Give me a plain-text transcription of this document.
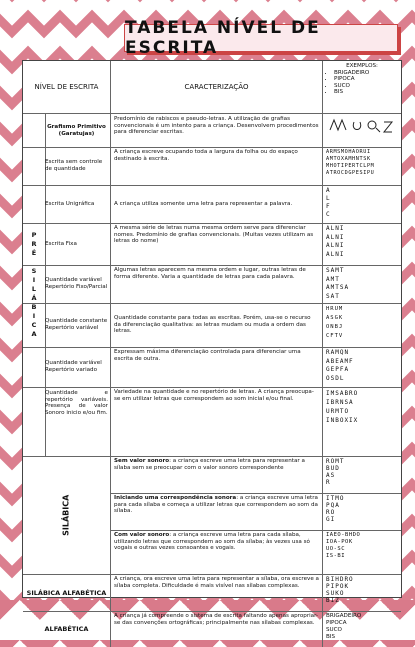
TABELA NÍVEL DE ESCRITA
NÍVEL DE ESCRITA	CARACTERIZAÇÃO
EXEMPLOS:
• BRIGADEIRO
• PIPOCA
• SUCO
• BIS
P
R
É

S
I
L
Á
B
I
C
A
Grafismo Primitivo (Garatujas)
Predomínio de rabiscos e pseudo-letras. A utilização de grafias convencionais é um intento para a criança. Desenvolvem procedimentos para diferenciar escritas.
Escrita sem controle de quantidade
A criança escreve ocupando toda a largura da folha ou do espaço destinado à escrita.
ARMSMOHAORUI
AMTOXAMHNTSK
MHOTIPERTCLPM
ATROCDGPESIPU
Escrita Unigráfica	A criança utiliza somente uma letra para representar a palavra.
A
L
F
C
Escrita Fixa
A mesma série de letras numa mesma ordem serve para diferenciar nomes. Predomínio de grafias convencionais. (Muitas vezes utilizam as letras do nome)
ALNI
ALNI
ALNI
ALNI
Quantidade variável Repertório Fixo/Parcial
Algumas letras aparecem na mesma ordem e lugar, outras letras de forma diferente. Varia a quantidade de letras para cada palavra.
SAMT
AMT
AMTSA
SAT
Quantidade constante Repertório variável
Quantidade constante para todas as escritas. Porém, usa-se o recurso da diferenciação qualitativa: as letras mudam ou muda a ordem das letras.
HRUM
ASGK
ONBJ
CFTV
Quantidade variável Repertório variado
Expressam máxima diferenciação controlada para diferenciar uma escrita de outra.
RAMQN
ABEAMF
GEPFA
OSDL
Quantidade e repertório variáveis. Presença de valor Sonoro inicio e/ou fim.
Variedade na quantidade e no repertório de letras. A criança preocupa-se em utilizar letras que correspondem ao som inicial e/ou final.
IMSABRO
IBRNSA
URMTO
INBOXIX
SILÁBICA
Sem valor sonoro: a criança escreve uma letra para representar a sílaba sem se preocupar com o valor sonoro correspondente
ROMT
BUD
AS
R
Iniciando uma correspondência sonora: a criança escreve uma letra para cada sílaba e começa a utilizar letras que correspondem ao som da sílaba.
ITMO
PQA
RO
GI
Com valor sonoro: a criança escreve uma letra para cada sílaba, utilizando letras que correspondem ao som da sílaba; às vezes usa só vogais e outras vezes consoantes e vogais.
IAEO-BHDO
IOA-POK
UO-SC
IS-BI
SILÁBICA ALFABÉTICA
A criança, ora escreve uma letra para representar a sílaba, ora escreve a sílaba completa. Dificuldade é mais visível nas sílabas complexas.
BIHDRO
PIPOK
SUKO
BIZ
ALFABÉTICA
A criança já compreende o sistema de escrita faltando apenas apropriar-se das convenções ortográficas; principalmente nas sílabas complexas.
BRIGADEIRO
PIPOCA
SUCO
BIS
